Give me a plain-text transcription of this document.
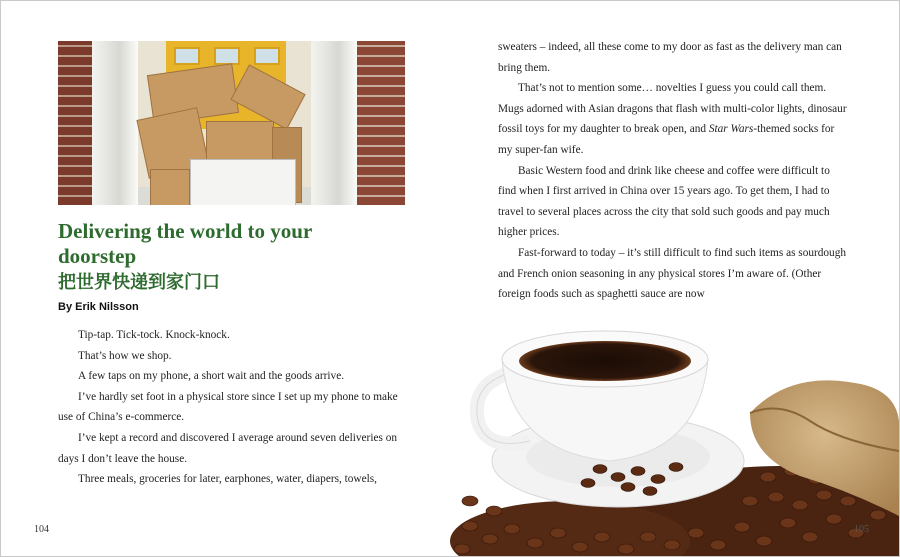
Delivering the world to your doorstep
把世界快递到家门口

By Erik Nilsson

Tip-tap. Tick-tock. Knock-knock.

That’s how we shop.

A few taps on my phone, a short wait and the goods arrive.

I’ve hardly set foot in a physical store since I set up my phone to make use of China’s e-commerce.

I’ve kept a record and discovered I average around seven deliveries on days I don’t leave the house.

Three meals, groceries for later, earphones, water, diapers, towels,

104

sweaters – indeed, all these come to my door as fast as the delivery man can bring them.

That’s not to mention some… novelties I guess you could call them. Mugs adorned with Asian dragons that flash with multi-color lights, dinosaur fossil toys for my daughter to break open, and Star Wars-themed socks for my super-fan wife.

Basic Western food and drink like cheese and coffee were difficult to find when I first arrived in China over 15 years ago. To get them, I had to travel to several places across the city that sold such goods and pay much higher prices.

Fast-forward to today – it’s still difficult to find such items as sourdough and French onion seasoning in any physical stores I’m aware of. (Other foreign foods such as spaghetti sauce are now

105
